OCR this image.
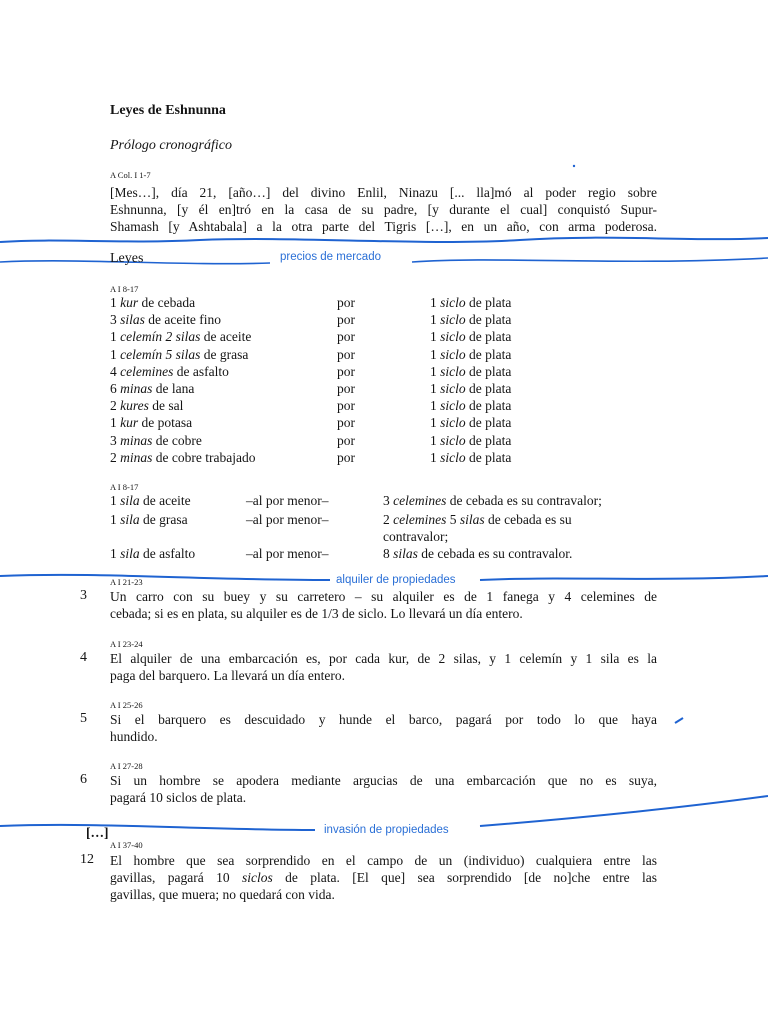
Leyes de Eshnunna
Prólogo cronográfico
A Col. I 1-7
[Mes…], día 21, [año…] del divino Enlil, Ninazu [... lla]mó al poder regio sobre
Eshnunna, [y él en]tró en la casa de su padre, [y durante el cual] conquistó Supur-
Shamash [y Ashtabala] a la otra parte del Tigris […], en un año, con arma poderosa.
Leyes	precios de mercado
A I 8-17
1 kur de cebada	por	1 siclo de plata
3 silas de aceite fino	por	1 siclo de plata
1 celemín 2 silas de aceite	por	1 siclo de plata
1 celemín 5 silas de grasa	por	1 siclo de plata
4 celemines de asfalto	por	1 siclo de plata
6 minas de lana	por	1 siclo de plata
2 kures de sal	por	1 siclo de plata
1 kur de potasa	por	1 siclo de plata
3 minas de cobre	por	1 siclo de plata
2 minas de cobre trabajado	por	1 siclo de plata
A I 8-17
1 sila de aceite	–al por menor–	3 celemines de cebada es su contravalor;
1 sila de grasa	–al por menor–	2 celemines 5 silas de cebada es su
contravalor;
1 sila de asfalto	–al por menor–	8 silas de cebada es su contravalor.
alquiler de propiedades
A I 21-23
3	Un carro con su buey y su carretero – su alquiler es de 1 fanega y 4 celemines de
cebada; si es en plata, su alquiler es de 1/3 de siclo. Lo llevará un día entero.
A I 23-24
4	El alquiler de una embarcación es, por cada kur, de 2 silas, y 1 celemín y 1 sila es la
paga del barquero. La llevará un día entero.
A I 25-26
5	Si el barquero es descuidado y hunde el barco, pagará por todo lo que haya
hundido.
A I 27-28
6	Si un hombre se apodera mediante argucias de una embarcación que no es suya,
pagará 10 siclos de plata.
[…]	invasión de propiedades
A I 37-40
12	El hombre que sea sorprendido en el campo de un (individuo) cualquiera entre las
gavillas, pagará 10 siclos de plata. [El que] sea sorprendido [de no]che entre las
gavillas, que muera; no quedará con vida.
